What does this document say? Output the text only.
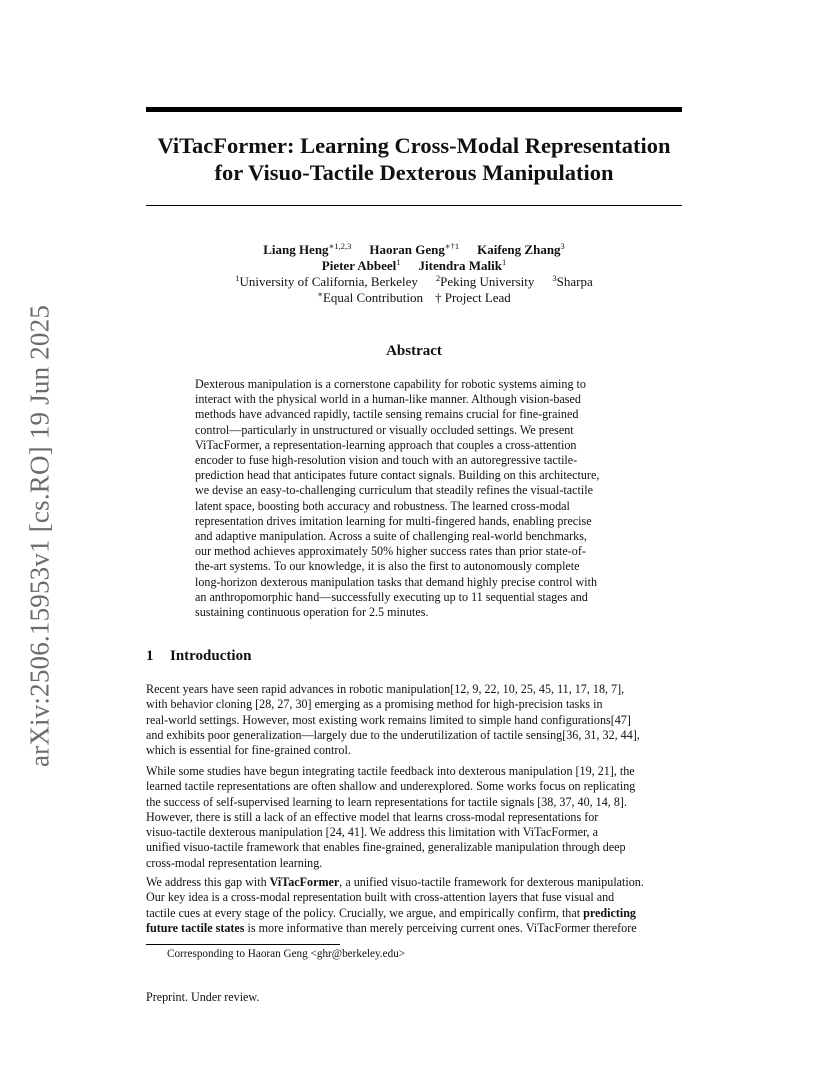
arXiv:2506.15953v1 [cs.RO] 19 Jun 2025
ViTacFormer: Learning Cross-Modal Representation
for Visuo-Tactile Dexterous Manipulation
Liang Heng$^{∗1,2,3}$ Haoran Geng$^{∗\dagger 1}$ Kaifeng Zhang$^3$
Pieter Abbeel$^1$ Jitendra Malik$^1$
$^1$University of California, Berkeley $^2$Peking University $^3$Sharpa
∗Equal Contribution † Project Lead
Abstract
Dexterous manipulation is a cornerstone capability for robotic systems aiming to
interact with the physical world in a human-like manner. Although vision-based
methods have advanced rapidly, tactile sensing remains crucial for fine-grained
control—particularly in unstructured or visually occluded settings. We present
ViTacFormer, a representation-learning approach that couples a cross-attention
encoder to fuse high-resolution vision and touch with an autoregressive tactile-
prediction head that anticipates future contact signals. Building on this architecture,
we devise an easy-to-challenging curriculum that steadily refines the visual-tactile
latent space, boosting both accuracy and robustness. The learned cross-modal
representation drives imitation learning for multi-fingered hands, enabling precise
and adaptive manipulation. Across a suite of challenging real-world benchmarks,
our method achieves approximately 50% higher success rates than prior state-of-
the-art systems. To our knowledge, it is also the first to autonomously complete
long-horizon dexterous manipulation tasks that demand highly precise control with
an anthropomorphic hand—successfully executing up to 11 sequential stages and
sustaining continuous operation for 2.5 minutes.
1 Introduction
Recent years have seen rapid advances in robotic manipulation[12, 9, 22, 10, 25, 45, 11, 17, 18, 7],
with behavior cloning [28, 27, 30] emerging as a promising method for high-precision tasks in
real-world settings. However, most existing work remains limited to simple hand configurations[47]
and exhibits poor generalization—largely due to the underutilization of tactile sensing[36, 31, 32, 44],
which is essential for fine-grained control.
While some studies have begun integrating tactile feedback into dexterous manipulation [19, 21], the
learned tactile representations are often shallow and underexplored. Some works focus on replicating
the success of self-supervised learning to learn representations for tactile signals [38, 37, 40, 14, 8].
However, there is still a lack of an effective model that learns cross-modal representations for
visuo-tactile dexterous manipulation [24, 41]. We address this limitation with ViTacFormer, a
unified visuo-tactile framework that enables fine-grained, generalizable manipulation through deep
cross-modal representation learning.
We address this gap with ViTacFormer, a unified visuo-tactile framework for dexterous manipulation.
Our key idea is a cross-modal representation built with cross-attention layers that fuse visual and
tactile cues at every stage of the policy. Crucially, we argue, and empirically confirm, that predicting
future tactile states is more informative than merely perceiving current ones. ViTacFormer therefore
Corresponding to Haoran Geng <ghr@berkeley.edu>
Preprint. Under review.
